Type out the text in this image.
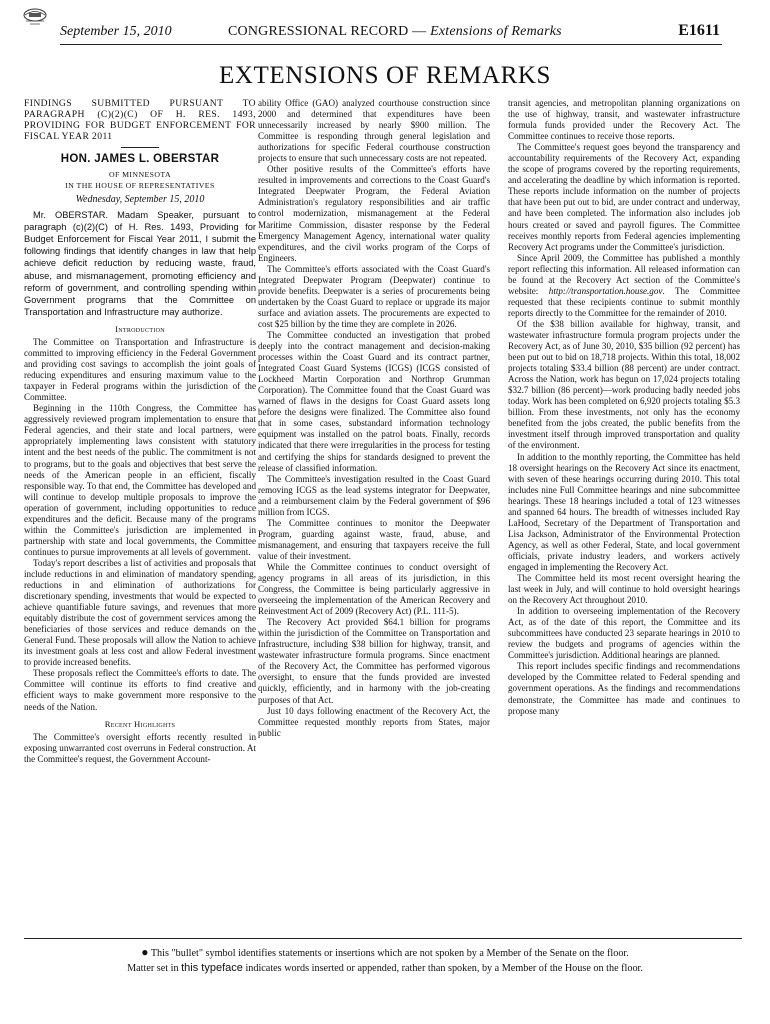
September 15, 2010	CONGRESSIONAL RECORD — Extensions of Remarks	E1611
EXTENSIONS OF REMARKS
FINDINGS SUBMITTED PURSUANT TO PARAGRAPH (C)(2)(C) OF H. RES. 1493, PROVIDING FOR BUDGET ENFORCEMENT FOR FISCAL YEAR 2011
HON. JAMES L. OBERSTAR
OF MINNESOTA
IN THE HOUSE OF REPRESENTATIVES
Wednesday, September 15, 2010

Mr. OBERSTAR. Madam Speaker, pursuant to paragraph (c)(2)(C) of H. Res. 1493, Providing for Budget Enforcement for Fiscal Year 2011, I submit the following findings that identify changes in law that help achieve deficit reduction by reducing waste, fraud, abuse, and mismanagement, promoting efficiency and reform of government, and controlling spending within Government programs that the Committee on Transportation and Infrastructure may authorize.

Introduction

The Committee on Transportation and Infrastructure is committed to improving efficiency in the Federal Government and providing cost savings to accomplish the joint goals of reducing expenditures and ensuring maximum value to the taxpayer in Federal programs within the jurisdiction of the Committee.

Beginning in the 110th Congress, the Committee has aggressively reviewed program implementation to ensure that Federal agencies, and their state and local partners, were appropriately implementing laws consistent with statutory intent and the best needs of the public. The commitment is not to programs, but to the goals and objectives that best serve the needs of the American people in an efficient, fiscally responsible way. To that end, the Committee has developed and will continue to develop multiple proposals to improve the operation of government, including opportunities to reduce expenditures and the deficit. Because many of the programs within the Committee's jurisdiction are implemented in partnership with state and local governments, the Committee continues to pursue improvements at all levels of government.

Today's report describes a list of activities and proposals that include reductions in and elimination of mandatory spending, reductions in and elimination of authorizations for discretionary spending, investments that would be expected to achieve quantifiable future savings, and revenues that more equitably distribute the cost of government services among the beneficiaries of those services and reduce demands on the General Fund. These proposals will allow the Nation to achieve its investment goals at less cost and allow Federal investment to provide increased benefits.

These proposals reflect the Committee's efforts to date. The Committee will continue its efforts to find creative and efficient ways to make government more responsive to the needs of the Nation.

Recent Highlights

The Committee's oversight efforts recently resulted in exposing unwarranted cost overruns in Federal construction. At the Committee's request, the Government Account-

ability Office (GAO) analyzed courthouse construction since 2000 and determined that expenditures have been unnecessarily increased by nearly $900 million. The Committee is responding through general legislation and authorizations for specific Federal courthouse construction projects to ensure that such unnecessary costs are not repeated.

Other positive results of the Committee's efforts have resulted in improvements and corrections to the Coast Guard's Integrated Deepwater Program, the Federal Aviation Administration's regulatory responsibilities and air traffic control modernization, mismanagement at the Federal Maritime Commission, disaster response by the Federal Emergency Management Agency, international water quality expenditures, and the civil works program of the Corps of Engineers.

The Committee's efforts associated with the Coast Guard's Integrated Deepwater Program (Deepwater) continue to provide benefits. Deepwater is a series of procurements being undertaken by the Coast Guard to replace or upgrade its major surface and aviation assets. The procurements are expected to cost $25 billion by the time they are complete in 2026.

The Committee conducted an investigation that probed deeply into the contract management and decision-making processes within the Coast Guard and its contract partner, Integrated Coast Guard Systems (ICGS) (ICGS consisted of Lockheed Martin Corporation and Northrop Grumman Corporation). The Committee found that the Coast Guard was warned of flaws in the designs for Coast Guard assets long before the designs were finalized. The Committee also found that in some cases, substandard information technology equipment was installed on the patrol boats. Finally, records indicated that there were irregularities in the process for testing and certifying the ships for standards designed to prevent the release of classified information.

The Committee's investigation resulted in the Coast Guard removing ICGS as the lead systems integrator for Deepwater, and a reimbursement claim by the Federal government of $96 million from ICGS.

The Committee continues to monitor the Deepwater Program, guarding against waste, fraud, abuse, and mismanagement, and ensuring that taxpayers receive the full value of their investment.

While the Committee continues to conduct oversight of agency programs in all areas of its jurisdiction, in this Congress, the Committee is being particularly aggressive in overseeing the implementation of the American Recovery and Reinvestment Act of 2009 (Recovery Act) (P.L. 111-5).

The Recovery Act provided $64.1 billion for programs within the jurisdiction of the Committee on Transportation and Infrastructure, including $38 billion for highway, transit, and wastewater infrastructure formula programs. Since enactment of the Recovery Act, the Committee has performed vigorous oversight, to ensure that the funds provided are invested quickly, efficiently, and in harmony with the job-creating purposes of that Act.

Just 10 days following enactment of the Recovery Act, the Committee requested monthly reports from States, major public

transit agencies, and metropolitan planning organizations on the use of highway, transit, and wastewater infrastructure formula funds provided under the Recovery Act. The Committee continues to receive those reports.

The Committee's request goes beyond the transparency and accountability requirements of the Recovery Act, expanding the scope of programs covered by the reporting requirements, and accelerating the deadline by which information is reported. These reports include information on the number of projects that have been put out to bid, are under contract and underway, and have been completed. The information also includes job hours created or saved and payroll figures. The Committee receives monthly reports from Federal agencies implementing Recovery Act programs under the Committee's jurisdiction.

Since April 2009, the Committee has published a monthly report reflecting this information. All released information can be found at the Recovery Act section of the Committee's website: http://transportation.house.gov. The Committee requested that these recipients continue to submit monthly reports directly to the Committee for the remainder of 2010.

Of the $38 billion available for highway, transit, and wastewater infrastructure formula program projects under the Recovery Act, as of June 30, 2010, $35 billion (92 percent) has been put out to bid on 18,718 projects. Within this total, 18,002 projects totaling $33.4 billion (88 percent) are under contract. Across the Nation, work has begun on 17,024 projects totaling $32.7 billion (86 percent)—work producing badly needed jobs today. Work has been completed on 6,920 projects totaling $5.3 billion. From these investments, not only has the economy benefited from the jobs created, the public benefits from the investment itself through improved transportation and quality of the environment.

In addition to the monthly reporting, the Committee has held 18 oversight hearings on the Recovery Act since its enactment, with seven of these hearings occurring during 2010. This total includes nine Full Committee hearings and nine subcommittee hearings. These 18 hearings included a total of 123 witnesses and spanned 64 hours. The breadth of witnesses included Ray LaHood, Secretary of the Department of Transportation and Lisa Jackson, Administrator of the Environmental Protection Agency, as well as other Federal, State, and local government officials, private industry leaders, and workers actively engaged in implementing the Recovery Act.

The Committee held its most recent oversight hearing the last week in July, and will continue to hold oversight hearings on the Recovery Act throughout 2010.

In addition to overseeing implementation of the Recovery Act, as of the date of this report, the Committee and its subcommittees have conducted 23 separate hearings in 2010 to review the budgets and programs of agencies within the Committee's jurisdiction. Additional hearings are planned.

This report includes specific findings and recommendations developed by the Committee related to Federal spending and government operations. As the findings and recommendations demonstrate, the Committee has made and continues to propose many

● This "bullet" symbol identifies statements or insertions which are not spoken by a Member of the Senate on the floor.
Matter set in this typeface indicates words inserted or appended, rather than spoken, by a Member of the House on the floor.
